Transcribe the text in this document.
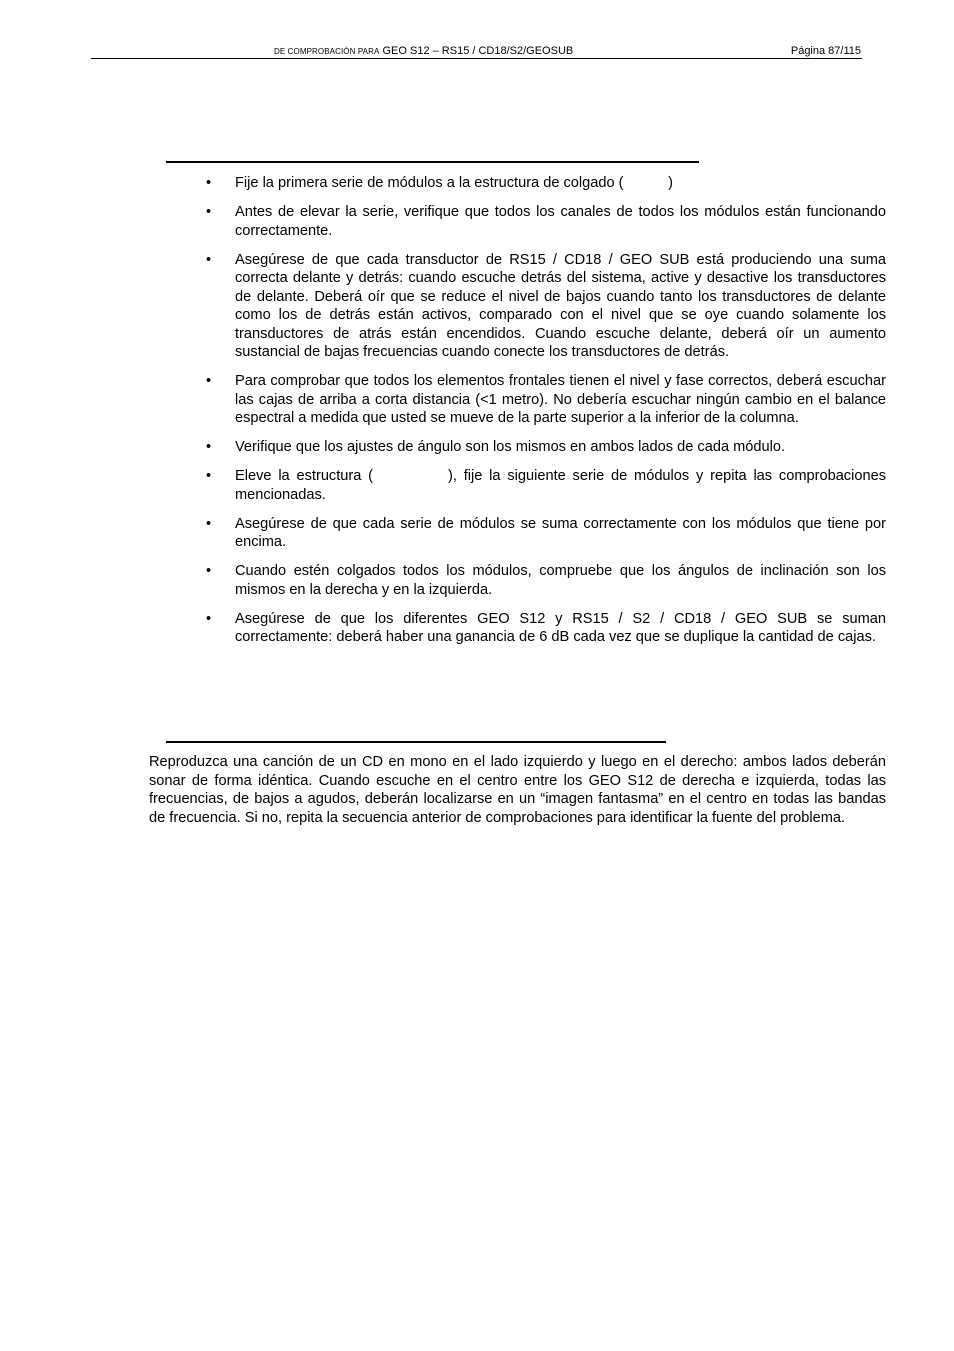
DE COMPROBACIÓN PARA GEO S12 – RS15 / CD18/S2/GEOSUB	Página 87/115
• Fije la primera serie de módulos a la estructura de colgado (           )
• Antes de elevar la serie, verifique que todos los canales de todos los módulos están funcionando correctamente.
• Asegúrese de que cada transductor de RS15 / CD18 / GEO SUB está produciendo una suma correcta delante y detrás: cuando escuche detrás del sistema, active y desactive los transductores de delante. Deberá oír que se reduce el nivel de bajos cuando tanto los transductores de delante como los de detrás están activos, comparado con el nivel que se oye cuando solamente los transductores de atrás están encendidos. Cuando escuche delante, deberá oír un aumento sustancial de bajas frecuencias cuando conecte los transductores de detrás.
• Para comprobar que todos los elementos frontales tienen el nivel y fase correctos, deberá escuchar las cajas de arriba a corta distancia (<1 metro). No debería escuchar ningún cambio en el balance espectral a medida que usted se mueve de la parte superior a la inferior de la columna.
• Verifique que los ajustes de ángulo son los mismos en ambos lados de cada módulo.
• Eleve la estructura (           ), fije la siguiente serie de módulos y repita las comprobaciones mencionadas.
• Asegúrese de que cada serie de módulos se suma correctamente con los módulos que tiene por encima.
• Cuando estén colgados todos los módulos, compruebe que los ángulos de inclinación son los mismos en la derecha y en la izquierda.
• Asegúrese de que los diferentes GEO S12 y RS15 / S2 / CD18 / GEO SUB se suman correctamente: deberá haber una ganancia de 6 dB cada vez que se duplique la cantidad de cajas.

Reproduzca una canción de un CD en mono en el lado izquierdo y luego en el derecho: ambos lados deberán sonar de forma idéntica. Cuando escuche en el centro entre los GEO S12 de derecha e izquierda, todas las frecuencias, de bajos a agudos, deberán localizarse en un “imagen fantasma” en el centro en todas las bandas de frecuencia. Si no, repita la secuencia anterior de comprobaciones para identificar la fuente del problema.
